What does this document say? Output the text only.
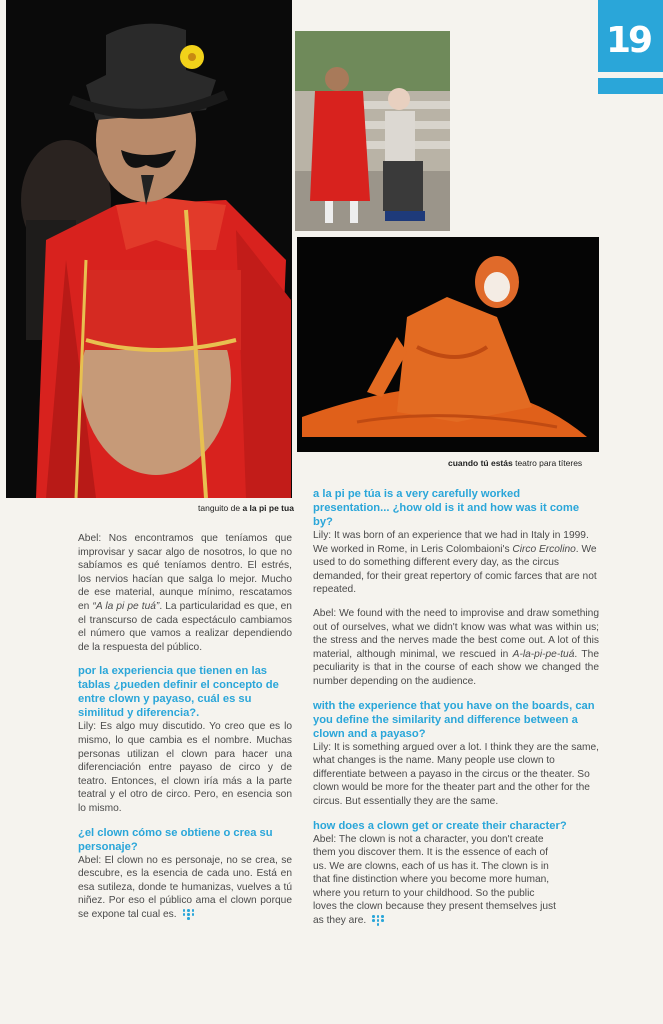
19
tanguito de a la pi pe tua
cuando tú estás teatro para títeres

Abel: Nos encontramos que teníamos que improvisar y sacar algo de nosotros, lo que no sabíamos es qué teníamos dentro. El estrés, los nervios hacían que salga lo mejor. Mucho de ese material, aunque mínimo, rescatamos en “A la pi pe tuá”. La particularidad es que, en el transcurso de cada espectáculo cambiamos el número que vamos a realizar dependiendo de la respuesta del público.

por la experiencia que tienen en las tablas ¿pueden definir el concepto de entre clown y payaso, cuál es su similitud y diferencia?.

Lily: Es algo muy discutido. Yo creo que es lo mismo, lo que cambia es el nombre. Muchas personas utilizan el clown para hacer una diferenciación entre payaso de circo y de teatro. Entonces, el clown iría más a la parte teatral y el otro de circo. Pero, en esencia son lo mismo.

¿el clown cómo se obtiene o crea su personaje?

Abel: El clown no es personaje, no se crea, se descubre, es la esencia de cada uno. Está en esa sutileza, donde te humanizas, vuelves a tú niñez. Por eso el público ama el clown porque se expone tal cual es.

a la pi pe túa is a very carefully worked presentation... ¿how old is it and how was it come by?

Lily: It was born of an experience that we had in Italy in 1999. We worked in Rome, in Leris Colombaioni's Circo Ercolino. We used to do something different every day, as the circus demanded, for their great repertory of comic farces that are not repeated.

Abel: We found with the need to improvise and draw something out of ourselves, what we didn't know was what was within us; the stress and the nerves made the best come out. A lot of this material, although minimal, we rescued in A-la-pi-pe-tuá. The peculiarity is that in the course of each show we changed the number depending on the audience.

with the experience that you have on the boards, can you define the similarity and difference between a clown and a payaso?

Lily: It is something argued over a lot. I think they are the same, what changes is the name. Many people use clown to differentiate between a payaso in the circus or the theater. So clown would be more for the theater part and the other for the circus. But essentially they are the same.

how does a clown get or create their character?

Abel: The clown is not a character, you don't create them you discover them. It is the essence of each of us. We are clowns, each of us has it. The clown is in that fine distinction where you become more human, where you return to your childhood. So the public loves the clown because they present themselves just as they are.
